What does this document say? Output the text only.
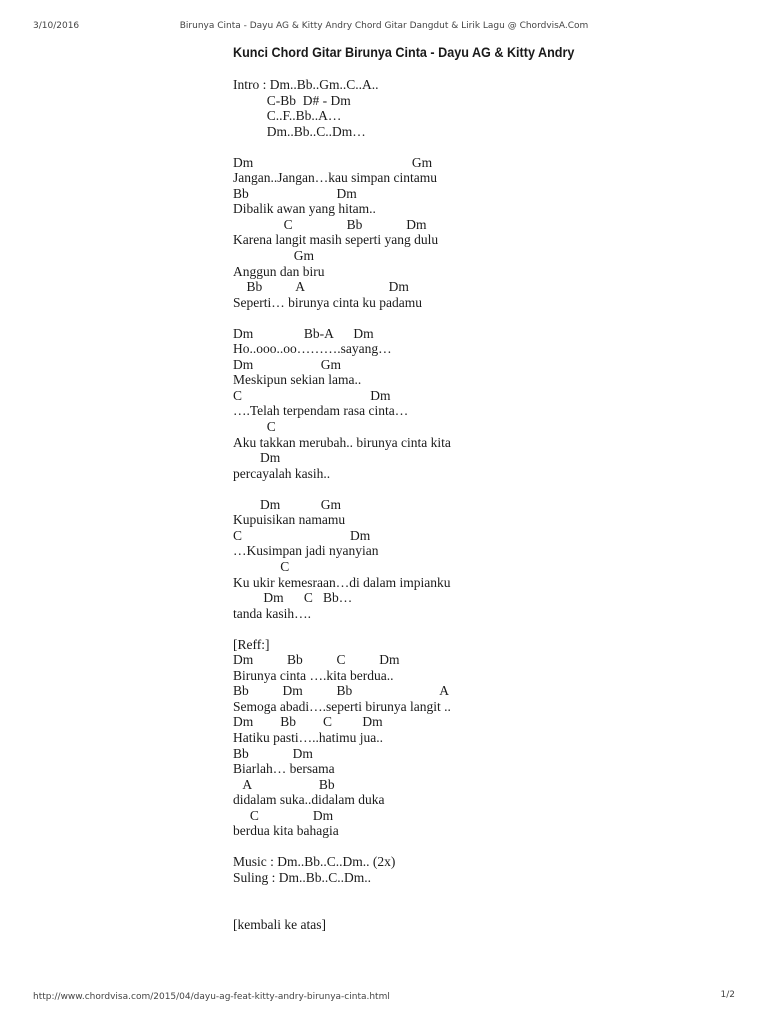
3/10/2016	Birunya Cinta - Dayu AG & Kitty Andry Chord Gitar Dangdut & Lirik Lagu @ ChordvisA.Com
Kunci Chord Gitar Birunya Cinta - Dayu AG & Kitty Andry
Intro : Dm..Bb..Gm..C..A..
C-Bb  D# - Dm
C..F..Bb..A…
Dm..Bb..C..Dm…
Dm                                               Gm
Jangan..Jangan…kau simpan cintamu
Bb                          Dm
Dibalik awan yang hitam..
C                Bb             Dm
Karena langit masih seperti yang dulu
Gm
Anggun dan biru
Bb          A                         Dm
Seperti… birunya cinta ku padamu
Dm               Bb-A      Dm
Ho..ooo..oo……….sayang…
Dm                    Gm
Meskipun sekian lama..
C                                      Dm
….Telah terpendam rasa cinta…
C
Aku takkan merubah.. birunya cinta kita
Dm
percayalah kasih..
Dm            Gm
Kupuisikan namamu
C                                Dm
…Kusimpan jadi nyanyian
C
Ku ukir kemesraan…di dalam impianku
Dm      C   Bb…
tanda kasih….
[Reff:]
Dm          Bb          C          Dm
Birunya cinta ….kita berdua..
Bb          Dm          Bb                          A
Semoga abadi….seperti birunya langit ..
Dm        Bb        C         Dm
Hatiku pasti…..hatimu jua..
Bb             Dm
Biarlah… bersama
A                    Bb
didalam suka..didalam duka
C                Dm
berdua kita bahagia
Music : Dm..Bb..C..Dm.. (2x)
Suling : Dm..Bb..C..Dm..
[kembali ke atas]
http://www.chordvisa.com/2015/04/dayu-ag-feat-kitty-andry-birunya-cinta.html	1/2
